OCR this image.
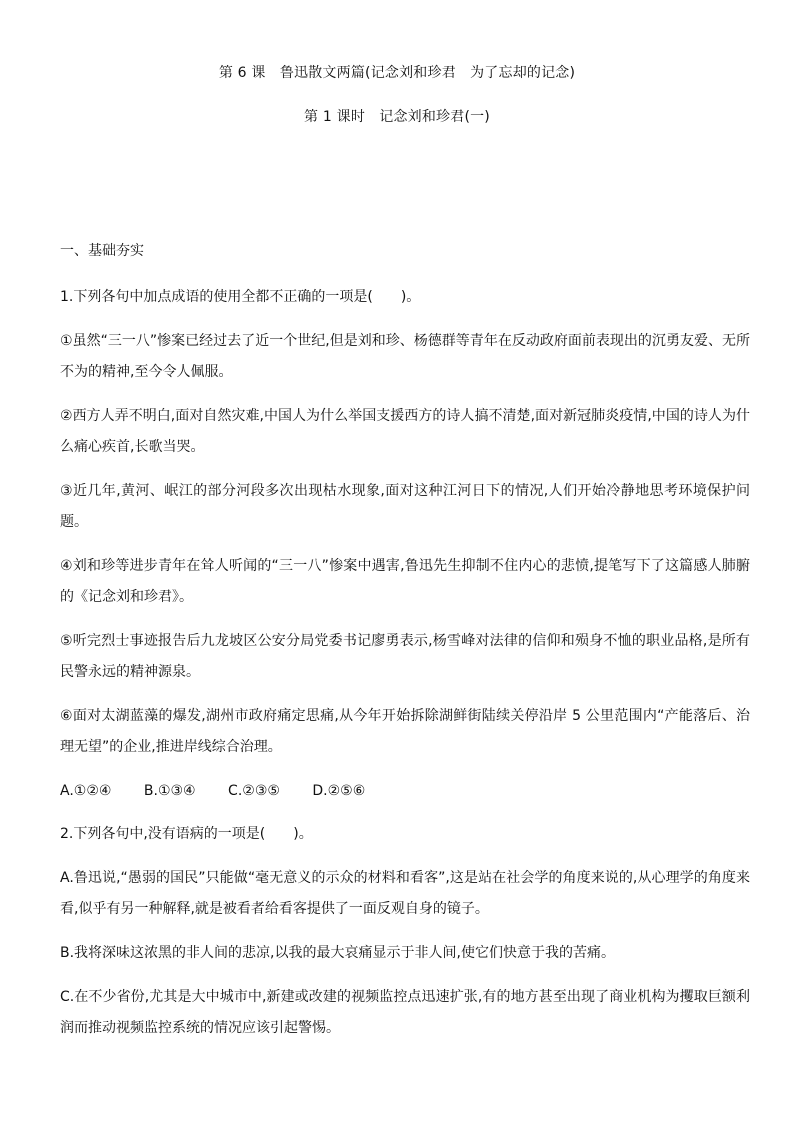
第 6 课　鲁迅散文两篇(记念刘和珍君　为了忘却的记念)
第 1 课时　记念刘和珍君(一)
一、基础夯实

1.下列各句中加点成语的使用全都不正确的一项是(　　)。

①虽然“三一八”惨案已经过去了近一个世纪,但是刘和珍、杨德群等青年在反动政府面前表现出的沉勇友爱、无所不为的精神,至今令人佩服。

②西方人弄不明白,面对自然灾难,中国人为什么举国支援西方的诗人搞不清楚,面对新冠肺炎疫情,中国的诗人为什么痛心疾首,长歌当哭。

③近几年,黄河、岷江的部分河段多次出现枯水现象,面对这种江河日下的情况,人们开始冷静地思考环境保护问题。

④刘和珍等进步青年在耸人听闻的“三一八”惨案中遇害,鲁迅先生抑制不住内心的悲愤,提笔写下了这篇感人肺腑的《记念刘和珍君》。

⑤听完烈士事迹报告后九龙坡区公安分局党委书记廖勇表示,杨雪峰对法律的信仰和殒身不恤的职业品格,是所有民警永远的精神源泉。

⑥面对太湖蓝藻的爆发,湖州市政府痛定思痛,从今年开始拆除湖鲜街陆续关停沿岸 5 公里范围内“产能落后、治理无望”的企业,推进岸线综合治理。

A.①②④　　 B.①③④　　 C.②③⑤　　 D.②⑤⑥

2.下列各句中,没有语病的一项是(　　)。

A.鲁迅说,“愚弱的国民”只能做“毫无意义的示众的材料和看客”,这是站在社会学的角度来说的,从心理学的角度来看,似乎有另一种解释,就是被看者给看客提供了一面反观自身的镜子。

B.我将深味这浓黑的非人间的悲凉,以我的最大哀痛显示于非人间,使它们快意于我的苦痛。

C.在不少省份,尤其是大中城市中,新建或改建的视频监控点迅速扩张,有的地方甚至出现了商业机构为攫取巨额利润而推动视频监控系统的情况应该引起警惕。
